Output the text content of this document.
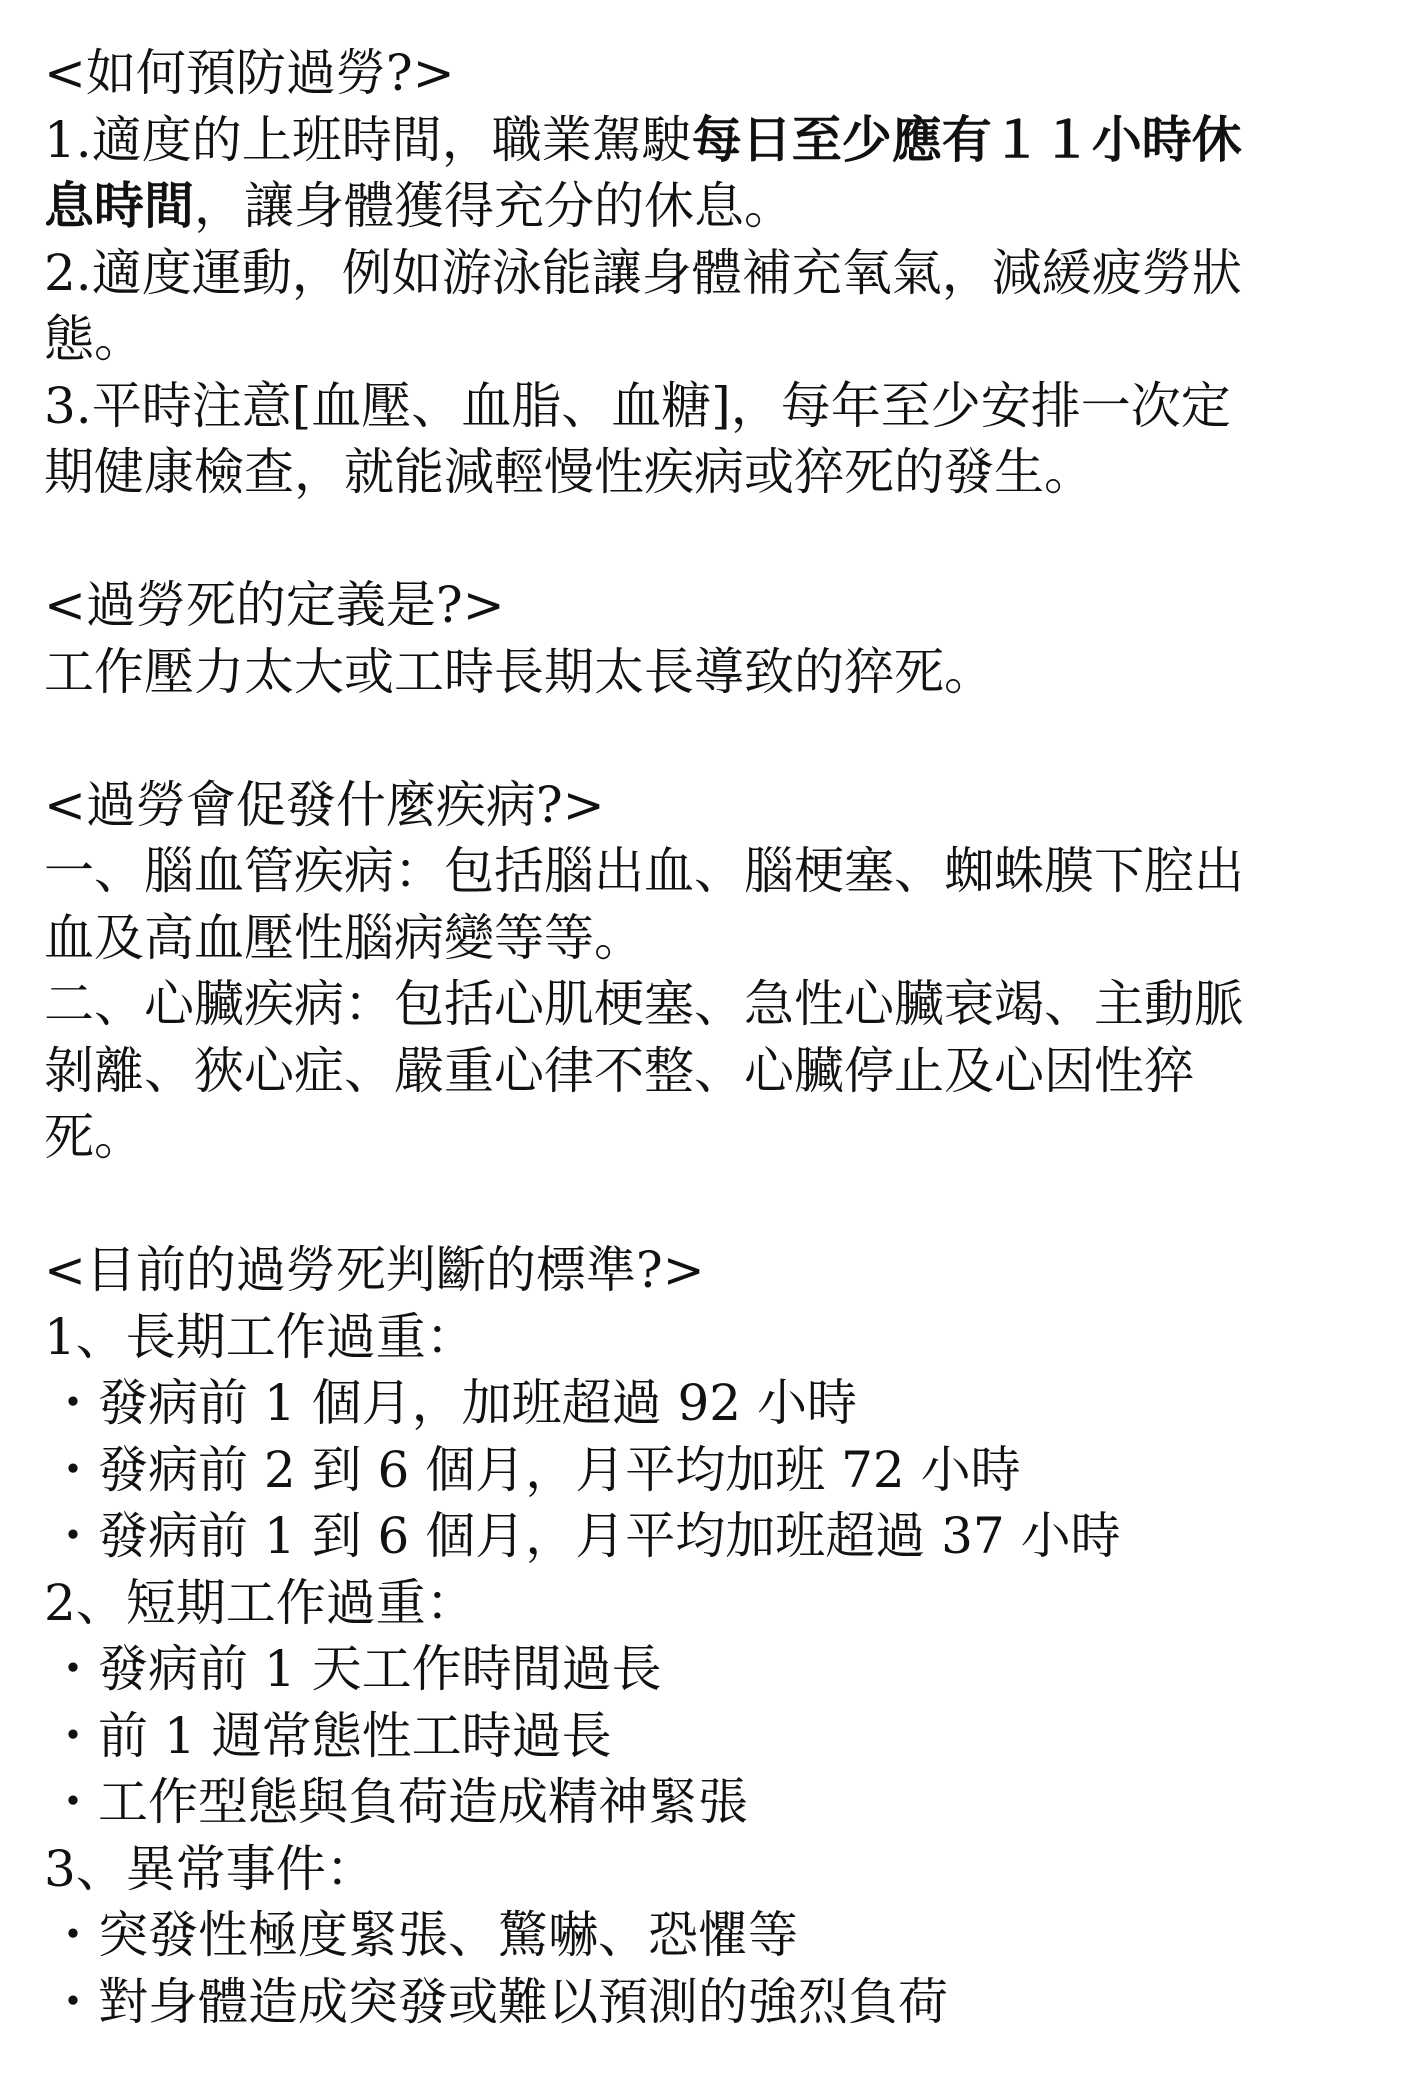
<如何預防過勞?>
1.適度的上班時間，職業駕駛每日至少應有１１小時休
息時間，讓身體獲得充分的休息。
2.適度運動，例如游泳能讓身體補充氧氣，減緩疲勞狀
態。
3.平時注意[血壓、血脂、血糖]，每年至少安排一次定
期健康檢查，就能減輕慢性疾病或猝死的發生。
<過勞死的定義是?>
工作壓力太大或工時長期太長導致的猝死。
<過勞會促發什麼疾病?>
一、腦血管疾病：包括腦出血、腦梗塞、蜘蛛膜下腔出
血及高血壓性腦病變等等。
二、心臟疾病：包括心肌梗塞、急性心臟衰竭、主動脈
剝離、狹心症、嚴重心律不整、心臟停止及心因性猝
死。
<目前的過勞死判斷的標準?>
1、長期工作過重：
・發病前 1 個月，加班超過 92 小時
・發病前 2 到 6 個月，月平均加班 72 小時
・發病前 1 到 6 個月，月平均加班超過 37 小時
2、短期工作過重：
・發病前 1 天工作時間過長
・前 1 週常態性工時過長
・工作型態與負荷造成精神緊張
3、異常事件：
・突發性極度緊張、驚嚇、恐懼等
・對身體造成突發或難以預測的強烈負荷
